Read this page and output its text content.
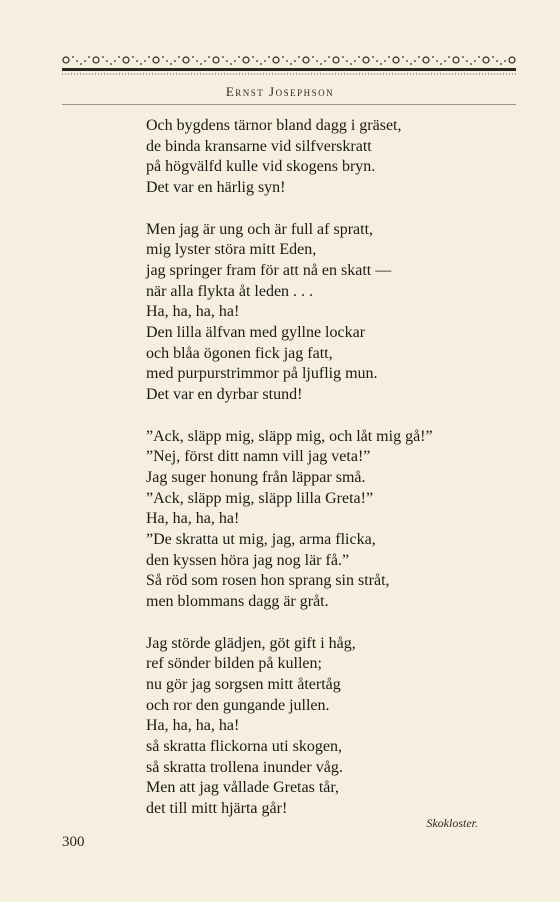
Ernst Josephson
Och bygdens tärnor bland dagg i gräset,
de binda kransarne vid silfverskratt
på högvälfd kulle vid skogens bryn.
Det var en härlig syn!
Men jag är ung och är full af spratt,
mig lyster störa mitt Eden,
jag springer fram för att nå en skatt —
när alla flykta åt leden . . .
Ha, ha, ha, ha!
Den lilla älfvan med gyllne lockar
och blåa ögonen fick jag fatt,
med purpurstrimmor på ljuflig mun.
Det var en dyrbar stund!
”Ack, släpp mig, släpp mig, och låt mig gå!”
”Nej, först ditt namn vill jag veta!”
Jag suger honung från läppar små.
”Ack, släpp mig, släpp lilla Greta!”
Ha, ha, ha, ha!
”De skratta ut mig, jag, arma flicka,
den kyssen höra jag nog lär få.”
Så röd som rosen hon sprang sin stråt,
men blommans dagg är gråt.
Jag störde glädjen, göt gift i håg,
ref sönder bilden på kullen;
nu gör jag sorgsen mitt återtåg
och ror den gungande jullen.
Ha, ha, ha, ha!
så skratta flickorna uti skogen,
så skratta trollena inunder våg.
Men att jag vållade Gretas tår,
det till mitt hjärta går!
Skokloster.
300
